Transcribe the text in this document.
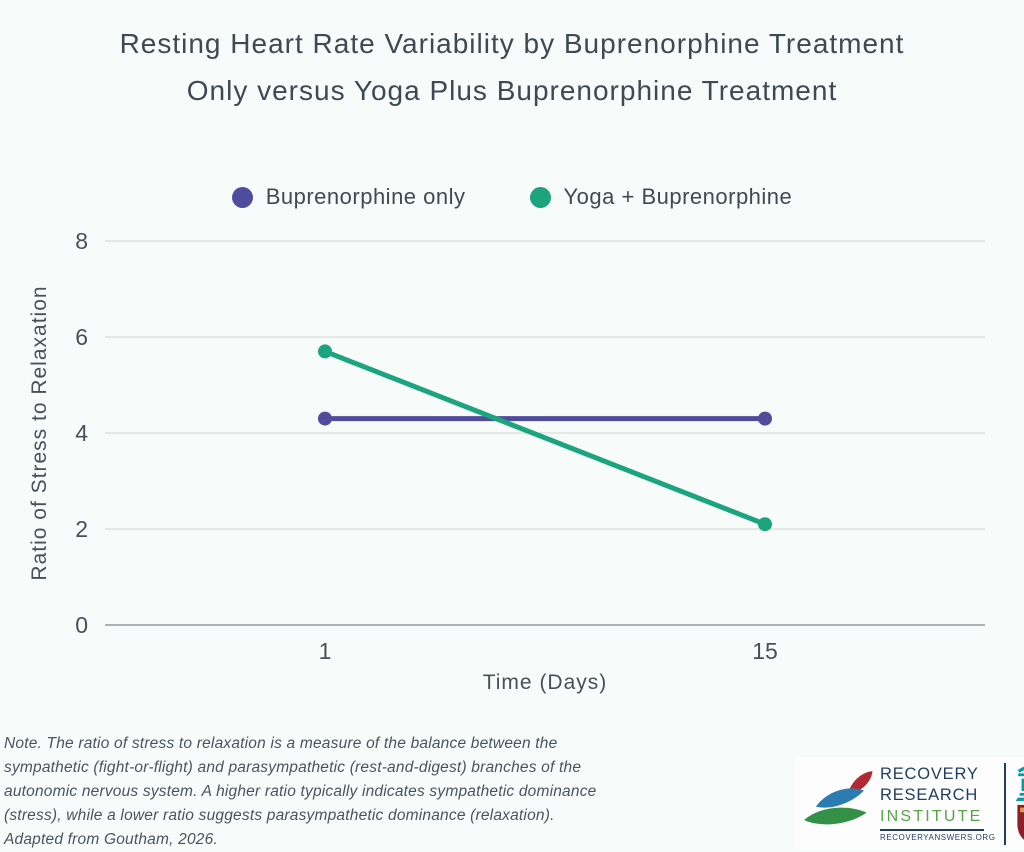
Resting Heart Rate Variability by Buprenorphine Treatment
Only versus Yoga Plus Buprenorphine Treatment
Buprenorphine only	Yoga + Buprenorphine
0
2
4
6
8
1	15
Ratio of Stress to Relaxation
Time (Days)
Note. The ratio of stress to relaxation is a measure of the balance between the
sympathetic (fight-or-flight) and parasympathetic (rest-and-digest) branches of the
autonomic nervous system. A higher ratio typically indicates sympathetic dominance
(stress), while a lower ratio suggests parasympathetic dominance (relaxation).
Adapted from Goutham, 2026.
RECOVERY
RESEARCH
INSTITUTE
RECOVERYANSWERS.ORG
